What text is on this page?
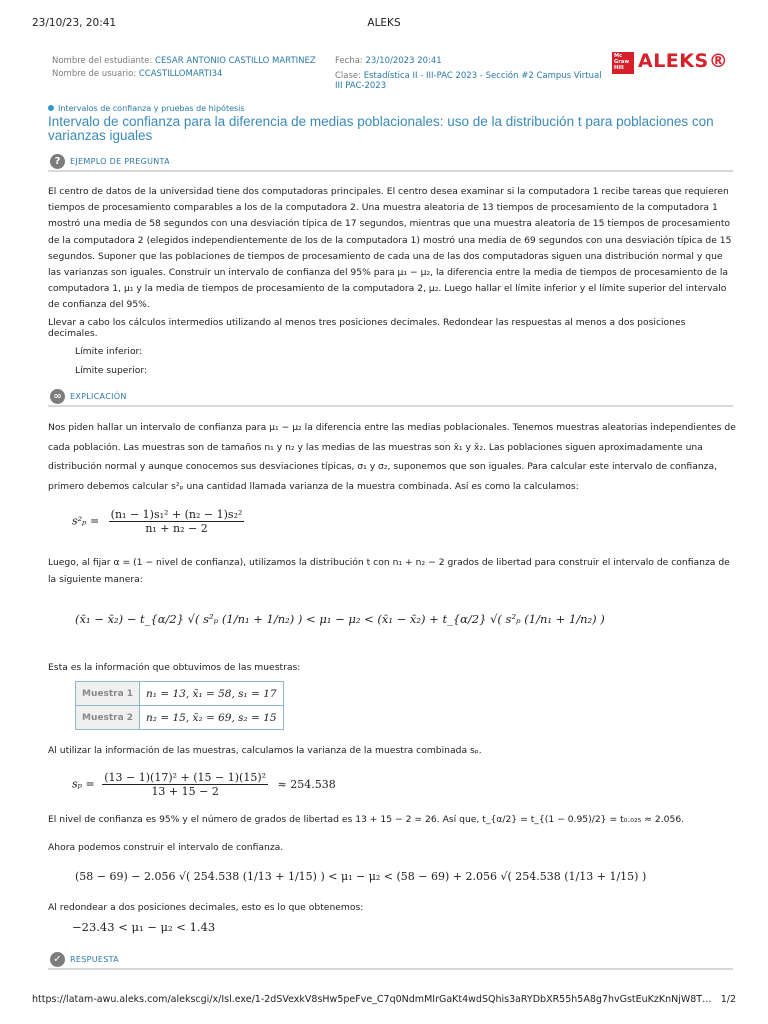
23/10/23, 20:41	ALEKS
Nombre del estudiante: CESAR ANTONIO CASTILLO MARTINEZ
Nombre de usuario: CCASTILLOMARTI34
Fecha: 23/10/2023 20:41
Clase: Estadística II - III-PAC 2023 - Sección #2 Campus Virtual III PAC-2023
Mc Graw Hill ALEKS®
Intervalos de confianza y pruebas de hipótesis
Intervalo de confianza para la diferencia de medias poblacionales: uso de la distribución t para poblaciones con varianzas iguales
?	EJEMPLO DE PREGUNTA
El centro de datos de la universidad tiene dos computadoras principales. El centro desea examinar si la computadora 1 recibe tareas que requieren tiempos de procesamiento comparables a los de la computadora 2. Una muestra aleatoria de 13 tiempos de procesamiento de la computadora 1 mostró una media de 58 segundos con una desviación típica de 17 segundos, mientras que una muestra aleatoria de 15 tiempos de procesamiento de la computadora 2 (elegidos independientemente de los de la computadora 1) mostró una media de 69 segundos con una desviación típica de 15 segundos. Suponer que las poblaciones de tiempos de procesamiento de cada una de las dos computadoras siguen una distribución normal y que las varianzas son iguales. Construir un intervalo de confianza del 95% para μ₁ − μ₂, la diferencia entre la media de tiempos de procesamiento de la computadora 1, μ₁ y la media de tiempos de procesamiento de la computadora 2, μ₂. Luego hallar el límite inferior y el límite superior del intervalo de confianza del 95%.
Llevar a cabo los cálculos intermedios utilizando al menos tres posiciones decimales. Redondear las respuestas al menos a dos posiciones decimales.
Límite inferior:
Límite superior:
∞	EXPLICACIÓN
Nos piden hallar un intervalo de confianza para μ₁ − μ₂ la diferencia entre las medias poblacionales. Tenemos muestras aleatorias independientes de cada población. Las muestras son de tamaños n₁ y n₂ y las medias de las muestras son x̄₁ y x̄₂. Las poblaciones siguen aproximadamente una distribución normal y aunque conocemos sus desviaciones típicas, σ₁ y σ₂, suponemos que son iguales. Para calcular este intervalo de confianza, primero debemos calcular s²ₚ una cantidad llamada varianza de la muestra combinada. Así es como la calculamos:
$s^2_p = \frac{\text{(n₁ − 1)s₁² + (n₂ − 1)s₂²}}{\text{n₁ + n₂ − 2}}$
Luego, al fijar α = (1 − nivel de confianza), utilizamos la distribución t con n₁ + n₂ − 2 grados de libertad para construir el intervalo de confianza de la siguiente manera:
(x̄₁ − x̄₂) − t_{α/2} √( s²ₚ (1/n₁ + 1/n₂) ) < μ₁ − μ₂ < (x̄₁ − x̄₂) + t_{α/2} √( s²ₚ (1/n₁ + 1/n₂) )
Esta es la información que obtuvimos de las muestras:
Muestra 1	n₁ = 13, x̄₁ = 58, s₁ = 17
Muestra 2	n₂ = 15, x̄₂ = 69, s₂ = 15
Al utilizar la información de las muestras, calculamos la varianza de la muestra combinada sₚ.
$s_p = \frac{\text{(13 − 1)(17)² + (15 − 1)(15)²}}{13 + 15 - 2} \approx 254.538$
El nivel de confianza es 95% y el número de grados de libertad es 13 + 15 − 2 = 26. Así que, t_{α/2} = t_{(1 − 0.95)/2} = t₀.₀₂₅ ≈ 2.056.
Ahora podemos construir el intervalo de confianza.
(58 − 69) − 2.056 √( 254.538 (1/13 + 1/15) ) < μ₁ − μ₂ < (58 − 69) + 2.056 √( 254.538 (1/13 + 1/15) )
Al redondear a dos posiciones decimales, esto es lo que obtenemos:
−23.43 < μ₁ − μ₂ < 1.43
✓	RESPUESTA
https://latam-awu.aleks.com/alekscgi/x/Isl.exe/1-2dSVexkV8sHw5peFve_C7q0NdmMIrGaKt4wdSQhis3aRYDbXR55h5A8g7hvGstEuKzKnNjW8T… 1/2
